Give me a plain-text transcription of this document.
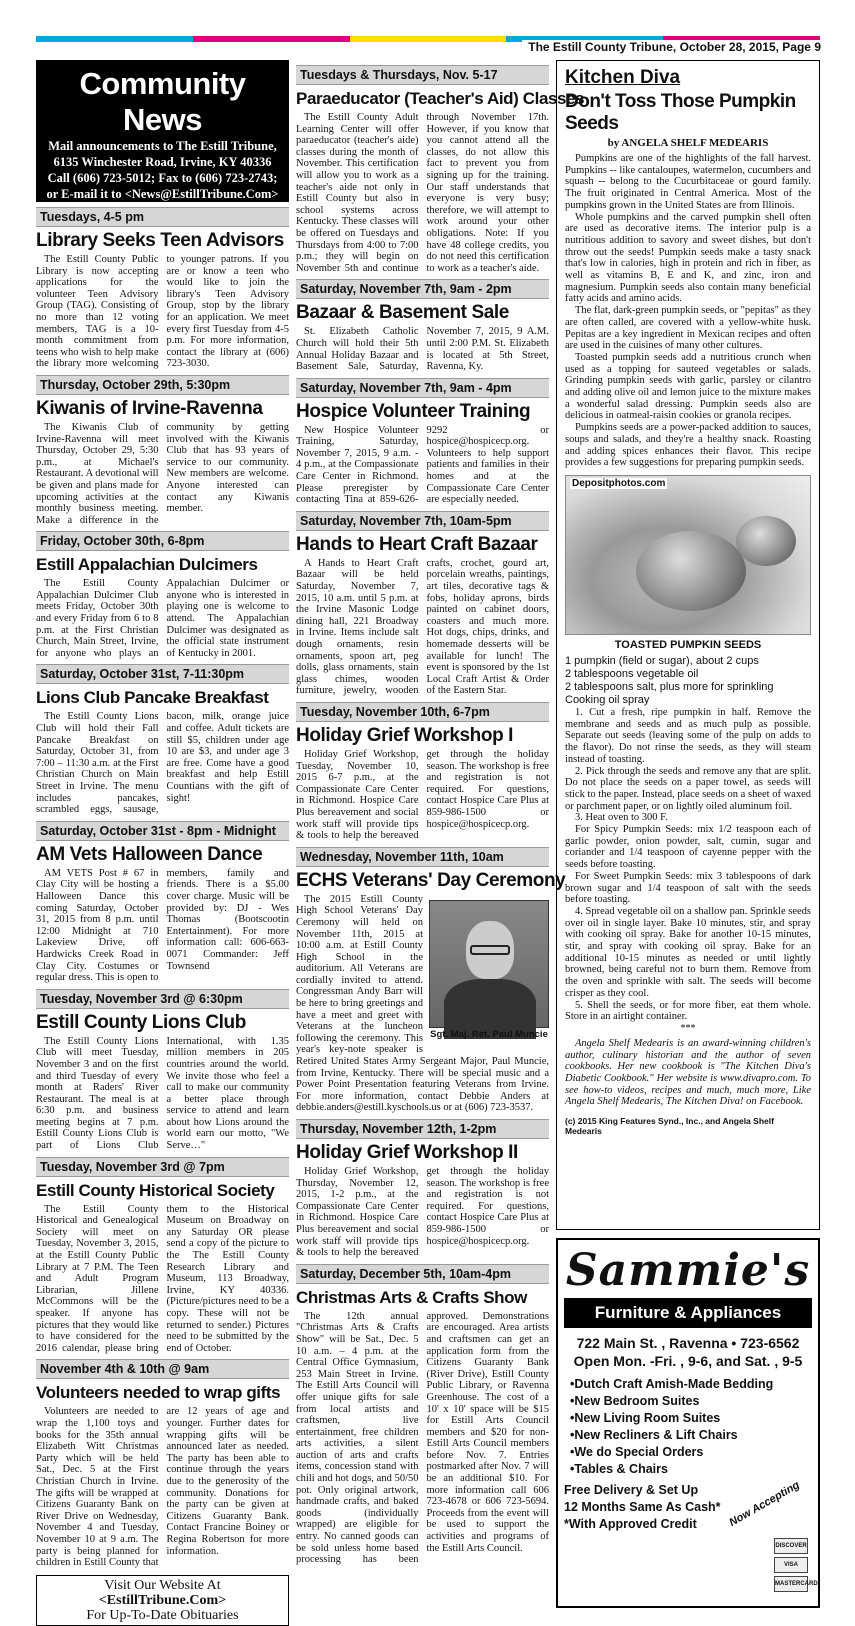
The Estill County Tribune, October 28, 2015, Page 9
Community News

Mail announcements to The Estill Tribune,

6135 Winchester Road, Irvine, KY 40336

Call (606) 723-5012; Fax to (606) 723-2743;

or E-mail it to <News@EstillTribune.Com>

Tuesdays, 4-5 pm
Library Seeks Teen Advisors

The Estill County Public Library is now accepting applications for the volunteer Teen Advisory Group (TAG). Consisting of no more than 12 voting members, TAG is a 10-month commitment from teens who wish to help make the library more welcoming to younger patrons. If you are or know a teen who would like to join the library's Teen Advisory Group, stop by the library for an application. We meet every first Tuesday from 4-5 p.m. For more information, contact the library at (606) 723-3030.

Thursday, October 29th, 5:30pm
Kiwanis of Irvine-Ravenna

The Kiwanis Club of Irvine-Ravenna will meet Thursday, October 29, 5:30 p.m., at Michael's Restaurant. A devotional will be given and plans made for upcoming activities at the monthly business meeting. Make a difference in the community by getting involved with the Kiwanis Club that has 93 years of service to our community. New members are welcome. Anyone interested can contact any Kiwanis member.

Friday, October 30th, 6-8pm
Estill Appalachian Dulcimers

The Estill County Appalachian Dulcimer Club meets Friday, October 30th and every Friday from 6 to 8 p.m. at the First Christian Church, Main Street, Irvine, for anyone who plays an Appalachian Dulcimer or anyone who is interested in playing one is welcome to attend. The Appalachian Dulcimer was designated as the official state instrument of Kentucky in 2001.

Saturday, October 31st, 7-11:30pm
Lions Club Pancake Breakfast

The Estill County Lions Club will hold their Fall Pancake Breakfast on Saturday, October 31, from 7:00 – 11:30 a.m. at the First Christian Church on Main Street in Irvine. The menu includes pancakes, scrambled eggs, sausage, bacon, milk, orange juice and coffee. Adult tickets are still $5, children under age 10 are $3, and under age 3 are free. Come have a good breakfast and help Estill Countians with the gift of sight!

Saturday, October 31st - 8pm - Midnight
AM Vets Halloween Dance

AM VETS Post # 67 in Clay City will be hosting a Halloween Dance this coming Saturday, October 31, 2015 from 8 p.m. until 12:00 Midnight at 710 Lakeview Drive, off Hardwicks Creek Road in Clay City. Costumes or regular dress. This is open to members, family and friends. There is a $5.00 cover charge. Music will be provided by: DJ - Wes Thomas (Bootscootin Entertainment). For more information call: 606-663-0071 Commander: Jeff Townsend

Tuesday, November 3rd @ 6:30pm
Estill County Lions Club

The Estill County Lions Club will meet Tuesday, November 3 and on the first and third Tuesday of every month at Raders' River Restaurant. The meal is at 6:30 p.m. and business meeting begins at 7 p.m. Estill County Lions Club is part of Lions Club International, with 1.35 million members in 205 countries around the world. We invite those who feel a call to make our community a better place through service to attend and learn about how Lions around the world earn our motto, "We Serve…"

Tuesday, November 3rd @ 7pm
Estill County Historical Society

The Estill County Historical and Genealogical Society will meet on Tuesday, November 3, 2015, at the Estill County Public Library at 7 P.M. The Teen and Adult Program Librarian, Jillene McCommons will be the speaker. If anyone has pictures that they would like to have considered for the 2016 calendar, please bring them to the Historical Museum on Broadway on any Saturday OR please send a copy of the picture to the The Estill County Research Library and Museum, 113 Broadway, Irvine, KY 40336. (Picture/pictures need to be a copy. These will not be returned to sender.) Pictures need to be submitted by the end of October.

November 4th & 10th @ 9am
Volunteers needed to wrap gifts

Volunteers are needed to wrap the 1,100 toys and books for the 35th annual Elizabeth Witt Christmas Party which will be held Sat., Dec. 5 at the First Christian Church in Irvine. The gifts will be wrapped at Citizens Guaranty Bank on River Drive on Wednesday, November 4 and Tuesday, November 10 at 9 a.m. The party is being planned for children in Estill County that are 12 years of age and younger. Further dates for wrapping gifts will be announced later as needed. The party has been able to continue through the years due to the generosity of the community. Donations for the party can be given at Citizens Guaranty Bank. Contact Francine Boiney or Regina Robertson for more information.

Visit Our Website At
<EstillTribune.Com>
For Up-To-Date Obituaries
Tuesdays & Thursdays, Nov. 5-17
Paraeducator (Teacher's Aid) Classes

The Estill County Adult Learning Center will offer paraeducator (teacher's aide) classes during the month of November. This certification will allow you to work as a teacher's aide not only in Estill County but also in school systems across Kentucky. These classes will be offered on Tuesdays and Thursdays from 4:00 to 7:00 p.m.; they will begin on November 5th and continue through November 17th. However, if you know that you cannot attend all the classes, do not allow this fact to prevent you from signing up for the training. Our staff understands that everyone is very busy; therefore, we will attempt to work around your other obligations. Note: If you have 48 college credits, you do not need this certification to work as a teacher's aide.

Saturday, November 7th, 9am - 2pm
Bazaar & Basement Sale

St. Elizabeth Catholic Church will hold their 5th Annual Holiday Bazaar and Basement Sale, Saturday, November 7, 2015, 9 A.M. until 2:00 P.M. St. Elizabeth is located at 5th Street, Ravenna, Ky.

Saturday, November 7th, 9am - 4pm
Hospice Volunteer Training

New Hospice Volunteer Training, Saturday, November 7, 2015, 9 a.m. - 4 p.m., at the Compassionate Care Center in Richmond. Please preregister by contacting Tina at 859-626-9292 or hospice@hospicecp.org. Volunteers to help support patients and families in their homes and at the Compassionate Care Center are especially needed.

Saturday, November 7th, 10am-5pm
Hands to Heart Craft Bazaar

A Hands to Heart Craft Bazaar will be held Saturday, November 7, 2015, 10 a.m. until 5 p.m. at the Irvine Masonic Lodge dining hall, 221 Broadway in Irvine. Items include salt dough ornaments, resin ornaments, spoon art, peg dolls, glass ornaments, stain glass chimes, wooden furniture, jewelry, wooden crafts, crochet, gourd art, porcelain wreaths, paintings, art tiles, decorative tags & fobs, holiday aprons, birds painted on cabinet doors, coasters and much more. Hot dogs, chips, drinks, and homemade desserts will be available for lunch! The event is sponsored by the 1st Local Craft Artist & Order of the Eastern Star.

Tuesday, November 10th, 6-7pm
Holiday Grief Workshop I

Holiday Grief Workshop, Tuesday, November 10, 2015 6-7 p.m., at the Compassionate Care Center in Richmond. Hospice Care Plus bereavement and social work staff will provide tips & tools to help the bereaved get through the holiday season. The workshop is free and registration is not required. For questions, contact Hospice Care Plus at 859-986-1500 or hospice@hospicecp.org.

Wednesday, November 11th, 10am
ECHS Veterans' Day Ceremony
Sgt. Maj. Ret. Paul Muncie

The 2015 Estill County High School Veterans' Day Ceremony will held on November 11th, 2015 at 10:00 a.m. at Estill County High School in the auditorium. All Veterans are cordially invited to attend. Congressman Andy Barr will be here to bring greetings and have a meet and greet with Veterans at the luncheon following the ceremony. This year's key-note speaker is Retired United States Army Sergeant Major, Paul Muncie, from Irvine, Kentucky. There will be special music and a Power Point Presentation featuring Veterans from Irvine. For more information, contact Debbie Anders at debbie.anders@estill.kyschools.us or at (606) 723-3537.

Thursday, November 12th, 1-2pm
Holiday Grief Workshop II

Holiday Grief Workshop, Thursday, November 12, 2015, 1-2 p.m., at the Compassionate Care Center in Richmond. Hospice Care Plus bereavement and social work staff will provide tips & tools to help the bereaved get through the holiday season. The workshop is free and registration is not required. For questions, contact Hospice Care Plus at 859-986-1500 or hospice@hospicecp.org.

Saturday, December 5th, 10am-4pm
Christmas Arts & Crafts Show

The 12th annual "Christmas Arts & Crafts Show" will be Sat., Dec. 5 10 a.m. – 4 p.m. at the Central Office Gymnasium, 253 Main Street in Irvine. The Estill Arts Council will offer unique gifts for sale from local artists and craftsmen, live entertainment, free children arts activities, a silent auction of arts and crafts items, concession stand with chili and hot dogs, and 50/50 pot. Only original artwork, handmade crafts, and baked goods (individually wrapped) are eligible for entry. No canned goods can be sold unless home based processing has been approved. Demonstrations are encouraged. Area artists and craftsmen can get an application form from the Citizens Guaranty Bank (River Drive), Estill County Public Library, or Ravenna Greenhouse. The cost of a 10' x 10' space will be $15 for Estill Arts Council members and $20 for non-Estill Arts Council members before Nov. 7. Entries postmarked after Nov. 7 will be an additional $10. For more information call 606 723-4678 or 606 723-5694. Proceeds from the event will be used to support the activities and programs of the Estill Arts Council.

Kitchen Diva
Don't Toss Those Pumpkin Seeds
by ANGELA SHELF MEDEARIS

Pumpkins are one of the highlights of the fall harvest. Pumpkins -- like cantaloupes, watermelon, cucumbers and squash -- belong to the Cucurbitaceae or gourd family. The fruit originated in Central America. Most of the pumpkins grown in the United States are from Illinois.

Whole pumpkins and the carved pumpkin shell often are used as decorative items. The interior pulp is a nutritious addition to savory and sweet dishes, but don't throw out the seeds! Pumpkin seeds make a tasty snack that's low in calories, high in protein and rich in fiber, as well as vitamins B, E and K, and zinc, iron and magnesium. Pumpkin seeds also contain many beneficial fatty acids and amino acids.

The flat, dark-green pumpkin seeds, or "pepitas" as they are often called, are covered with a yellow-white husk. Pepitas are a key ingredient in Mexican recipes and often are used in the cuisines of many other cultures.

Toasted pumpkin seeds add a nutritious crunch when used as a topping for sauteed vegetables or salads. Grinding pumpkin seeds with garlic, parsley or cilantro and adding olive oil and lemon juice to the mixture makes a wonderful salad dressing. Pumpkin seeds also are delicious in oatmeal-raisin cookies or granola recipes.

Pumpkins seeds are a power-packed addition to sauces, soups and salads, and they're a healthy snack. Roasting and adding spices enhances their flavor. This recipe provides a few suggestions for preparing pumpkin seeds.

Depositphotos.com
TOASTED PUMPKIN SEEDS
1 pumpkin (field or sugar), about 2 cups
2 tablespoons vegetable oil
2 tablespoons salt, plus more for sprinkling
Cooking oil spray

1. Cut a fresh, ripe pumpkin in half. Remove the membrane and seeds and as much pulp as possible. Separate out seeds (leaving some of the pulp on adds to the flavor). Do not rinse the seeds, as they will steam instead of toasting.

2. Pick through the seeds and remove any that are split. Do not place the seeds on a paper towel, as seeds will stick to the paper. Instead, place seeds on a sheet of waxed or parchment paper, or on lightly oiled aluminum foil.

3. Heat oven to 300 F.

For Spicy Pumpkin Seeds: mix 1/2 teaspoon each of garlic powder, onion powder, salt, cumin, sugar and coriander and 1/4 teaspoon of cayenne pepper with the seeds before toasting.

For Sweet Pumpkin Seeds: mix 3 tablespoons of dark brown sugar and 1/4 teaspoon of salt with the seeds before toasting.

4. Spread vegetable oil on a shallow pan. Sprinkle seeds over oil in single layer. Bake 10 minutes, stir, and spray with cooking oil spray. Bake for another 10-15 minutes, stir, and spray with cooking oil spray. Bake for an additional 10-15 minutes as needed or until lightly browned, being careful not to burn them. Remove from the oven and sprinkle with salt. The seeds will become crisper as they cool.

5. Shell the seeds, or for more fiber, eat them whole. Store in an airtight container.

***
Angela Shelf Medearis is an award-winning children's author, culinary historian and the author of seven cookbooks. Her new cookbook is "The Kitchen Diva's Diabetic Cookbook." Her website is www.divapro.com. To see how-to videos, recipes and much, much more, Like Angela Shelf Medearis, The Kitchen Diva! on Facebook.
(c) 2015 King Features Synd., Inc., and Angela Shelf Medearis
Sammie's
Furniture & Appliances
722 Main St. , Ravenna • 723-6562
Open Mon. -Fri. , 9-6, and Sat. , 9-5
• Dutch Craft Amish-Made Bedding
• New Bedroom Suites
• New Living Room Suites
• New Recliners & Lift Chairs
• We do Special Orders
• Tables & Chairs
Now Accepting
Free Delivery & Set Up
12 Months Same As Cash*
*With Approved Credit
DISCOVER
VISA
MASTERCARD
